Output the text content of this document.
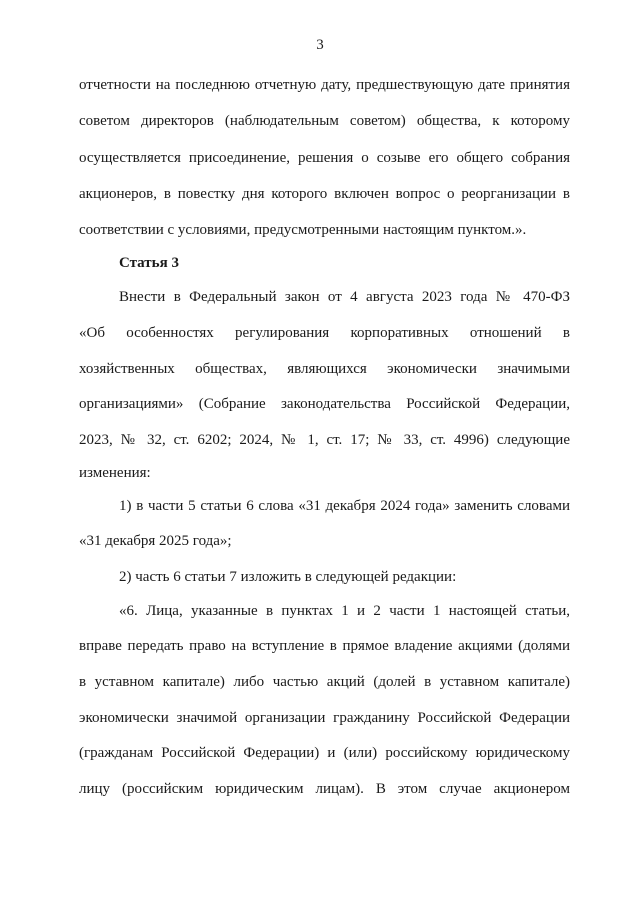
3
отчетности на последнюю отчетную дату, предшествующую дате принятия
советом директоров (наблюдательным советом) общества, к которому
осуществляется присоединение, решения о созыве его общего собрания
акционеров, в повестку дня которого включен вопрос о реорганизации в
соответствии с условиями, предусмотренными настоящим пунктом.».
Статья 3
Внести в Федеральный закон от 4 августа 2023 года № 470-ФЗ
«Об особенностях регулирования корпоративных отношений в
хозяйственных обществах, являющихся экономически значимыми
организациями» (Собрание законодательства Российской Федерации,
2023, № 32, ст. 6202; 2024, № 1, ст. 17; № 33, ст. 4996) следующие
изменения:
1) в части 5 статьи 6 слова «31 декабря 2024 года» заменить словами
«31 декабря 2025 года»;
2) часть 6 статьи 7 изложить в следующей редакции:
«6. Лица, указанные в пунктах 1 и 2 части 1 настоящей статьи,
вправе передать право на вступление в прямое владение акциями (долями
в уставном капитале) либо частью акций (долей в уставном капитале)
экономически значимой организации гражданину Российской Федерации
(гражданам Российской Федерации) и (или) российскому юридическому
лицу (российским юридическим лицам). В этом случае акционером
